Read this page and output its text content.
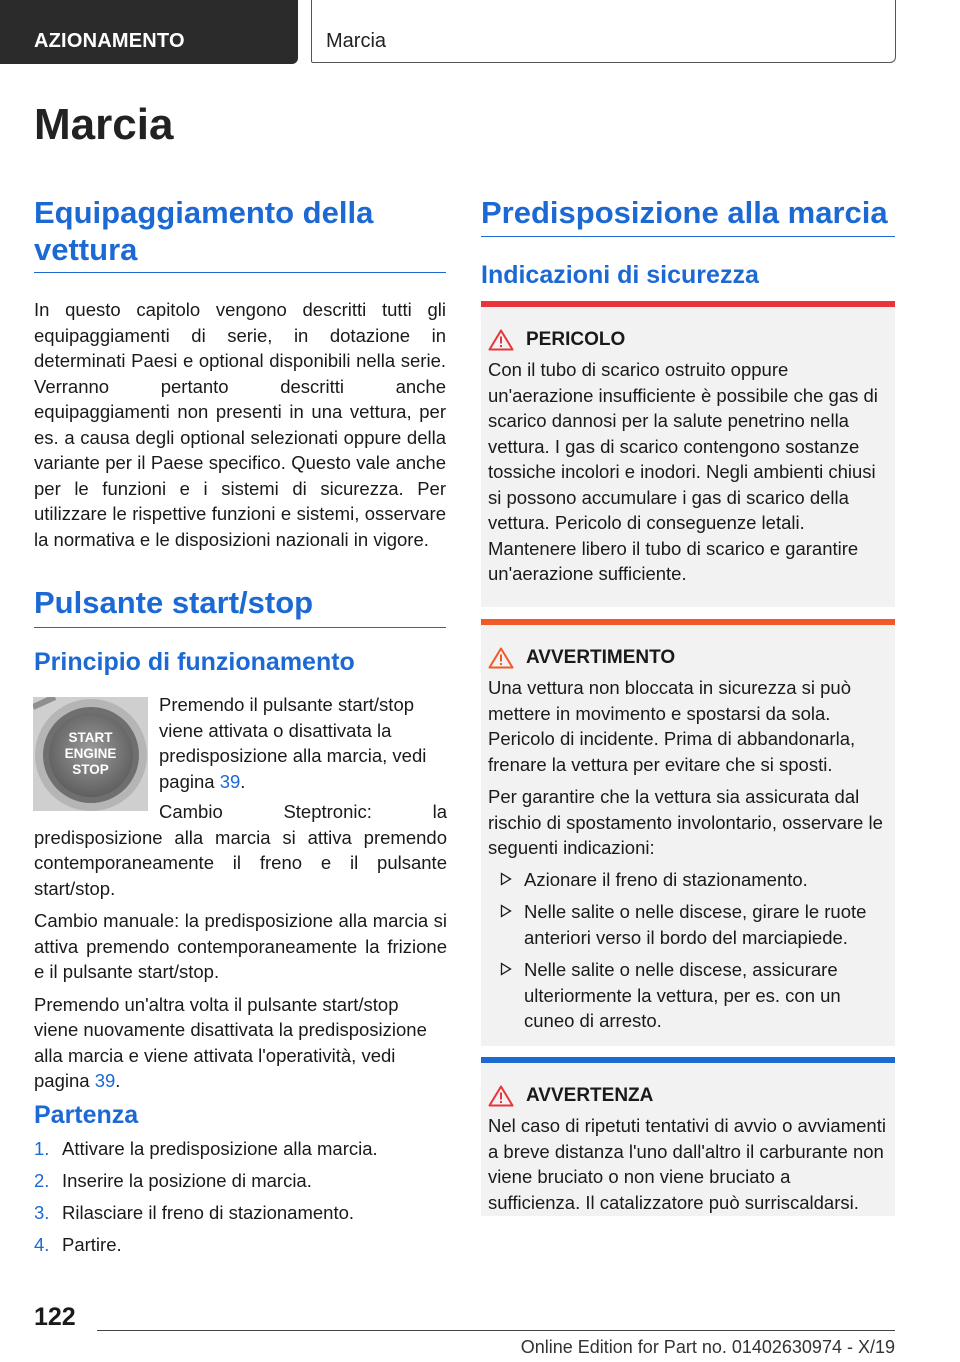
AZIONAMENTO	Marcia
Marcia

Equipaggiamento della vettura

In questo capitolo vengono descritti tutti gli equipaggiamenti di serie, in dotazione in determinati Paesi e optional disponibili nella serie. Verranno pertanto descritti anche equipaggiamenti non presenti in una vettura, per es. a causa degli optional selezionati oppure della variante per il Paese specifico. Questo vale anche per le funzioni e i sistemi di sicurezza. Per utilizzare le rispettive funzioni e sistemi, osservare la normativa e le disposizioni nazionali in vigore.

Pulsante start/stop

Principio di funzionamento

START
ENGINE
STOP

Premendo il pulsante start/stop viene attivata o disattivata la predisposizione alla marcia, vedi pagina 39.

Cambio Steptronic: la predisposizione alla marcia si attiva premendo contemporaneamente il freno e il pulsante start/stop.

Cambio manuale: la predisposizione alla marcia si attiva premendo contemporaneamente la frizione e il pulsante start/stop.

Premendo un'altra volta il pulsante start/stop viene nuovamente disattivata la predisposizione alla marcia e viene attivata l'operatività, vedi pagina 39.

Partenza

1. Attivare la predisposizione alla marcia.
2. Inserire la posizione di marcia.
3. Rilasciare il freno di stazionamento.
4. Partire.

Predisposizione alla marcia

Indicazioni di sicurezza

PERICOLO

Con il tubo di scarico ostruito oppure un'aerazione insufficiente è possibile che gas di scarico dannosi per la salute penetrino nella vettura. I gas di scarico contengono sostanze tossiche incolori e inodori. Negli ambienti chiusi si possono accumulare i gas di scarico della vettura. Pericolo di conseguenze letali. Mantenere libero il tubo di scarico e garantire un'aerazione sufficiente.

AVVERTIMENTO

Una vettura non bloccata in sicurezza si può mettere in movimento e spostarsi da sola. Pericolo di incidente. Prima di abbandonarla, frenare la vettura per evitare che si sposti.

Per garantire che la vettura sia assicurata dal rischio di spostamento involontario, osservare le seguenti indicazioni:

Azionare il freno di stazionamento.
Nelle salite o nelle discese, girare le ruote anteriori verso il bordo del marciapiede.
Nelle salite o nelle discese, assicurare ulteriormente la vettura, per es. con un cuneo di arresto.
AVVERTENZA

Nel caso di ripetuti tentativi di avvio o avviamenti a breve distanza l'uno dall'altro il carburante non viene bruciato o non viene bruciato a sufficienza. Il catalizzatore può surriscaldarsi.

122
Online Edition for Part no. 01402630974 - X/19
